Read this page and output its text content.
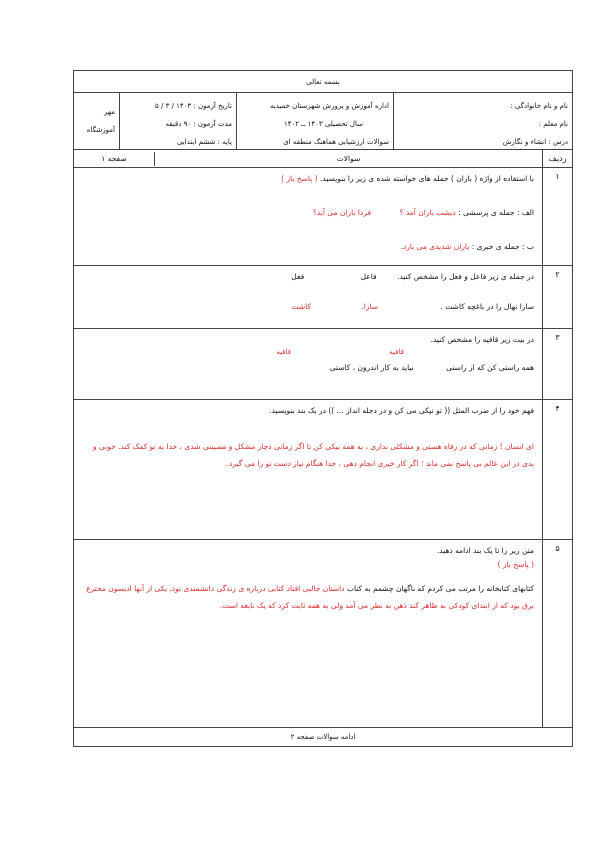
بسمه تعالی
نام و نام خانوادگی :
نام معلم :
درس : انشاء و نگارش
اداره آموزش و پرورش شهرستان خمیدیه
سال تحصیلی ۱۴۰۳ ــ ۱۴۰۲
سوالات ارزشیابی هماهنگ منطقه ای
تاریخ آزمون : ۱۴۰۳ / ۳ / ۵
مدت آزمون : ۹۰ دقیقه
پایه : ششم ابتدایی
مهر آموزشگاه
ردیف
سوالات
صفحه ۱
۱
با استفاده از واژه ( باران ) جمله های خواسته شده ی زیر را بنویسید. ( پاسخ باز )
الف : جمله ی پرسشی : دیشب باران آمد ؟ فردا باران می آید؟
ب : جمله ی خبری : باران شدیدی می بارد.
۲
در جمله ی زیر فاعل و فعل را مشخص کنید. فاعل فعل
سارا نهال را در باغچه کاشت . سارا. کاشت
۳
در بیت زیر قافیه را مشخص کنید.
قافیه قافیه
همه راستی کن که از راستی نیاید به کار اندرون ، کاستی
۴
فهم خود را از ضرب المثل (( تو نیکی می کن و در دجله انداز ... )) در یک بند بنویسید.
ای انسان ! زمانی که در رفاه هستی و مشکلی نداری ، به همه نیکی کن تا اگر زمانی دچار مشکل و مصیبتی شدی ، خدا به تو کمک کند. خوبی و بدی در این عالم بی پاسخ نمی ماند ؛ اگر کار خیری انجام دهی ، خدا هنگام نیاز دست تو را می گیرد.
۵
متن زیر را تا یک بند ادامه دهید.
( پاسخ باز )
کتابهای کتابخانه را مرتب می کردم که ناگهان چشمم به کتاب داستان جالبی افتاد کتابی درباره ی زندگی دانشمندی بود. یکی از آنها ادیسون مخترع برق بود که از ابتدای کودکی به ظاهر کند ذهن به نظر می آمد ولی به همه ثابت کرد که یک نابغه است.
ادامه سوالات صفحه ۲
